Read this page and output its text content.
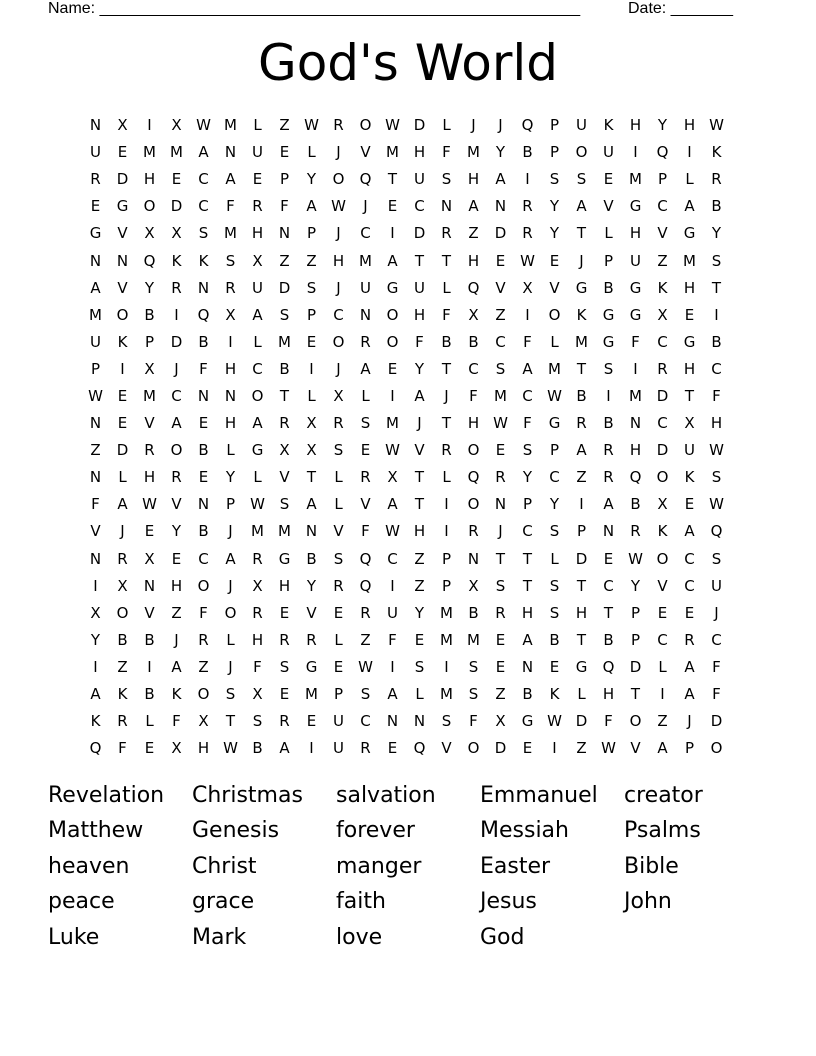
Name: ______________________________________________________	Date: _______
God's World
N	X	I	X W M	L	Z W R	O W D	L	J	J	Q	P	U	K	H	Y	H W
U	E	M M	A	N	U	E	L	J	V	M H	F	M	Y	B	P	O	U	I	Q	I	K
R	D	H	E	C	A	E	P	Y	O	Q	T	U	S	H	A	I	S	S	E	M	P	L	R
E	G	O	D	C	F	R	F	A W	J	E	C	N	A	N	R	Y	A	V	G	C	A	B
G	V	X	X	S	M H	N	P	J	C	I	D	R	Z	D	R	Y	T	L	H	V	G	Y
N	N	Q	K	K	S	X	Z	Z	H M	A	T	T	H	E W E	J	P	U	Z	M	S
A	V	Y	R	N	R	U	D	S	J	U	G	U	L	Q	V	X	V	G	B	G	K	H	T
M O	B	I	Q	X	A	S	P	C	N	O	H	F	X	Z	I	O	K	G	G	X	E	I
U	K	P	D	B	I	L	M	E	O	R	O	F	B	B	C	F	L	M G	F	C	G	B
P	I	X	J	F	H	C	B	I	J	A	E	Y	T	C	S	A	M	T	S	I	R	H	C
W E	M	C	N	N	O	T	L	X	L	I	A	J	F	M	C W B	I	M D	T	F
N	E	V	A	E	H	A	R	X	R	S	M	J	T	H W	F	G	R	B	N	C	X	H
Z	D	R	O	B	L	G	X	X	S	E W V	R	O	E	S	P	A	R	H	D	U W
N	L	H	R	E	Y	L	V	T	L	R	X	T	L	Q	R	Y	C	Z	R	Q	O	K	S
F	A W V	N	P	W S	A	L	V	A	T	I	O	N	P	Y	I	A	B	X	E W
V	J	E	Y	B	J	M M N	V	F	W H	I	R	J	C	S	P	N	R	K	A	Q
N	R	X	E	C	A	R	G	B	S	Q	C	Z	P	N	T	T	L	D	E W O	C	S
I	X	N	H	O	J	X	H	Y	R	Q	I	Z	P	X	S	T	S	T	C	Y	V	C	U
X	O	V	Z	F	O	R	E	V	E	R	U	Y	M	B	R	H	S	H	T	P	E	E	J
Y	B	B	J	R	L	H	R	R	L	Z	F	E	M M	E	A	B	T	B	P	C	R	C
I	Z	I	A	Z	J	F	S	G	E W	I	S	I	S	E	N	E	G	Q	D	L	A	F
A	K	B	K	O	S	X	E	M	P	S	A	L	M	S	Z	B	K	L	H	T	I	A	F
K	R	L	F	X	T	S	R	E	U	C	N	N	S	F	X	G W D	F	O	Z	J	D
Q	F	E	X	H W B	A	I	U	R	E	Q	V	O	D	E	I	Z W V	A	P	O
Revelation	Christmas	salvation	Emmanuel	creator
Matthew	Genesis	forever	Messiah	Psalms
heaven	Christ	manger	Easter	Bible
peace	grace	faith	Jesus	John
Luke	Mark	love	God
